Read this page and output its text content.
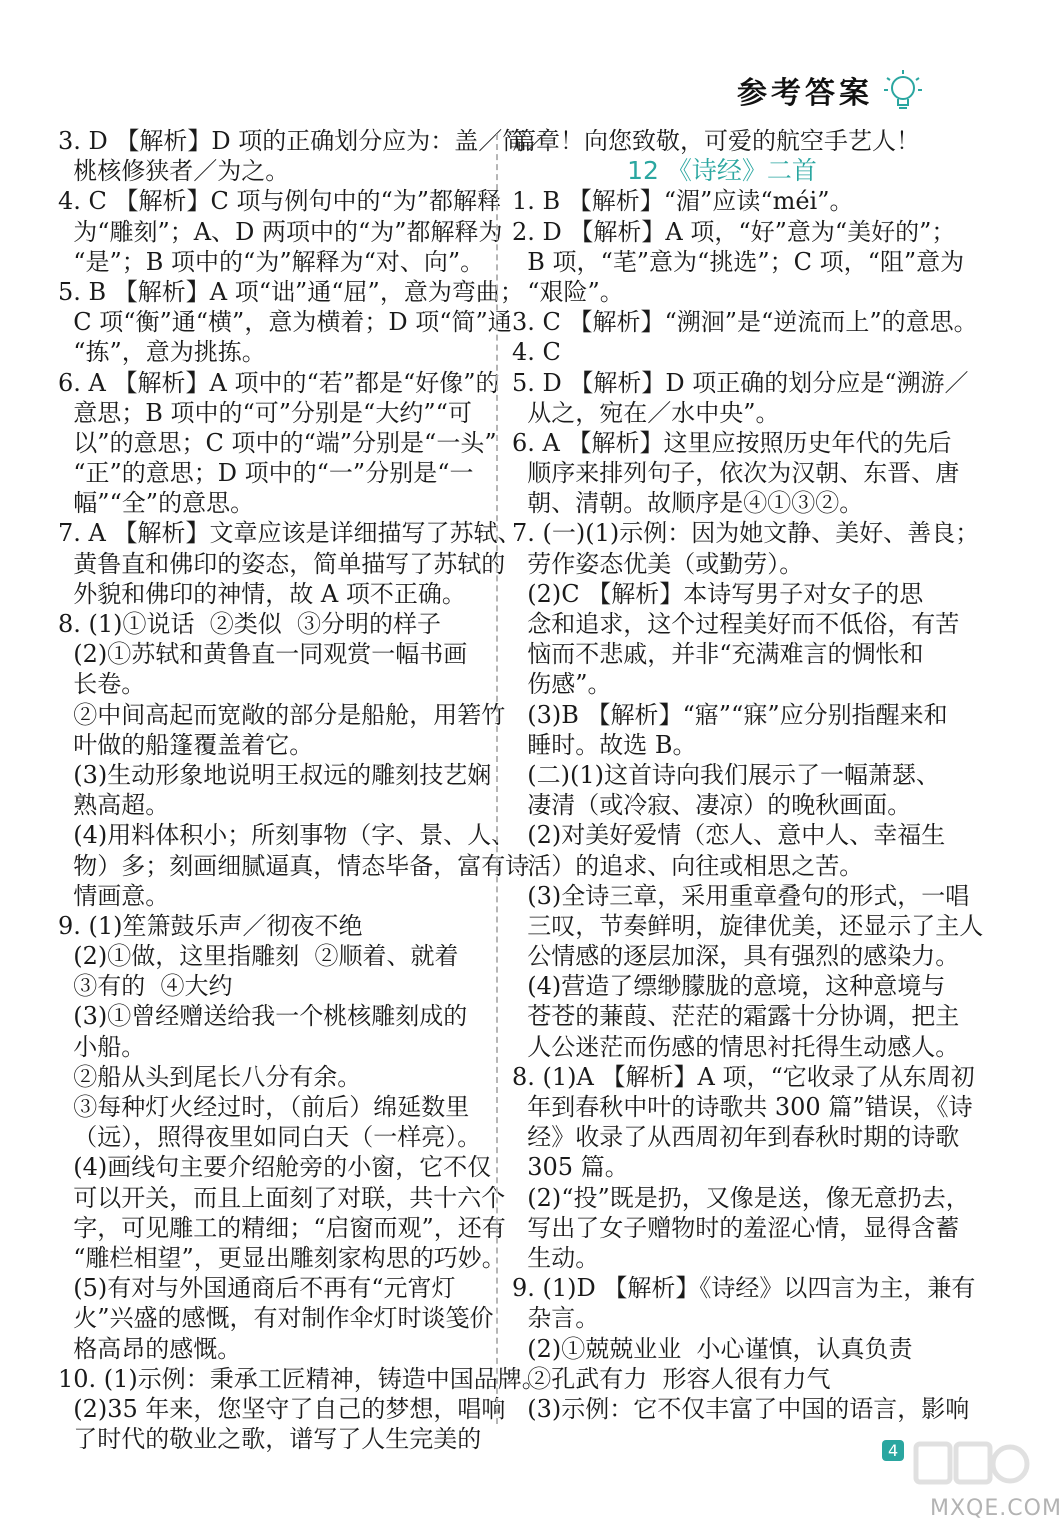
参考答案
3. D 【解析】D 项的正确划分应为：盖／简／
桃核修狭者／为之。
4. C 【解析】C 项与例句中的“为”都解释
为“雕刻”；A、D 两项中的“为”都解释为
“是”；B 项中的“为”解释为“对、向”。
5. B 【解析】A 项“诎”通“屈”，意为弯曲；
C 项“衡”通“横”，意为横着；D 项“简”通
“拣”，意为挑拣。
6. A 【解析】A 项中的“若”都是“好像”的
意思；B 项中的“可”分别是“大约”“可
以”的意思；C 项中的“端”分别是“一头”
“正”的意思；D 项中的“一”分别是“一
幅”“全”的意思。
7. A 【解析】文章应该是详细描写了苏轼、
黄鲁直和佛印的姿态，简单描写了苏轼的
外貌和佛印的神情，故 A 项不正确。
8. (1)①说话  ②类似  ③分明的样子
(2)①苏轼和黄鲁直一同观赏一幅书画
长卷。
②中间高起而宽敞的部分是船舱，用箬竹
叶做的船篷覆盖着它。
(3)生动形象地说明王叔远的雕刻技艺娴
熟高超。
(4)用料体积小；所刻事物（字、景、人、
物）多；刻画细腻逼真，情态毕备，富有诗
情画意。
9. (1)笙箫鼓乐声／彻夜不绝
(2)①做，这里指雕刻  ②顺着、就着
③有的  ④大约
(3)①曾经赠送给我一个桃核雕刻成的
小船。
②船从头到尾长八分有余。
③每种灯火经过时，（前后）绵延数里
（远），照得夜里如同白天（一样亮）。
(4)画线句主要介绍舱旁的小窗，它不仅
可以开关，而且上面刻了对联，共十六个
字，可见雕工的精细；“启窗而观”，还有
“雕栏相望”，更显出雕刻家构思的巧妙。
(5)有对与外国通商后不再有“元宵灯
火”兴盛的感慨，有对制作伞灯时谈笺价
格高昂的感慨。
10. (1)示例：秉承工匠精神，铸造中国品牌。
(2)35 年来，您坚守了自己的梦想，唱响
了时代的敬业之歌，谱写了人生完美的
篇章！向您致敬，可爱的航空手艺人！
12 《诗经》二首
1. B 【解析】“湄”应读“méi”。
2. D 【解析】A 项，“好”意为“美好的”；
B 项，“芼”意为“挑选”；C 项，“阻”意为
“艰险”。
3. C 【解析】“溯洄”是“逆流而上”的意思。
4. C
5. D 【解析】D 项正确的划分应是“溯游／
从之，宛在／水中央”。
6. A 【解析】这里应按照历史年代的先后
顺序来排列句子，依次为汉朝、东晋、唐
朝、清朝。故顺序是④①③②。
7. (一)(1)示例：因为她文静、美好、善良；
劳作姿态优美（或勤劳）。
(2)C 【解析】本诗写男子对女子的思
念和追求，这个过程美好而不低俗，有苦
恼而不悲戚，并非“充满难言的惆怅和
伤感”。
(3)B 【解析】“寤”“寐”应分别指醒来和
睡时。故选 B。
(二)(1)这首诗向我们展示了一幅萧瑟、
凄清（或冷寂、凄凉）的晚秋画面。
(2)对美好爱情（恋人、意中人、幸福生
活）的追求、向往或相思之苦。
(3)全诗三章，采用重章叠句的形式，一唱
三叹，节奏鲜明，旋律优美，还显示了主人
公情感的逐层加深，具有强烈的感染力。
(4)营造了缥缈朦胧的意境，这种意境与
苍苍的蒹葭、茫茫的霜露十分协调，把主
人公迷茫而伤感的情思衬托得生动感人。
8. (1)A 【解析】A 项，“它收录了从东周初
年到春秋中叶的诗歌共 300 篇”错误，《诗
经》收录了从西周初年到春秋时期的诗歌
305 篇。
(2)“投”既是扔，又像是送，像无意扔去，
写出了女子赠物时的羞涩心情，显得含蓄
生动。
9. (1)D 【解析】《诗经》以四言为主，兼有
杂言。
(2)①兢兢业业  小心谨慎，认真负责
②孔武有力  形容人很有力气
(3)示例：它不仅丰富了中国的语言，影响
4
MXQE.COM
